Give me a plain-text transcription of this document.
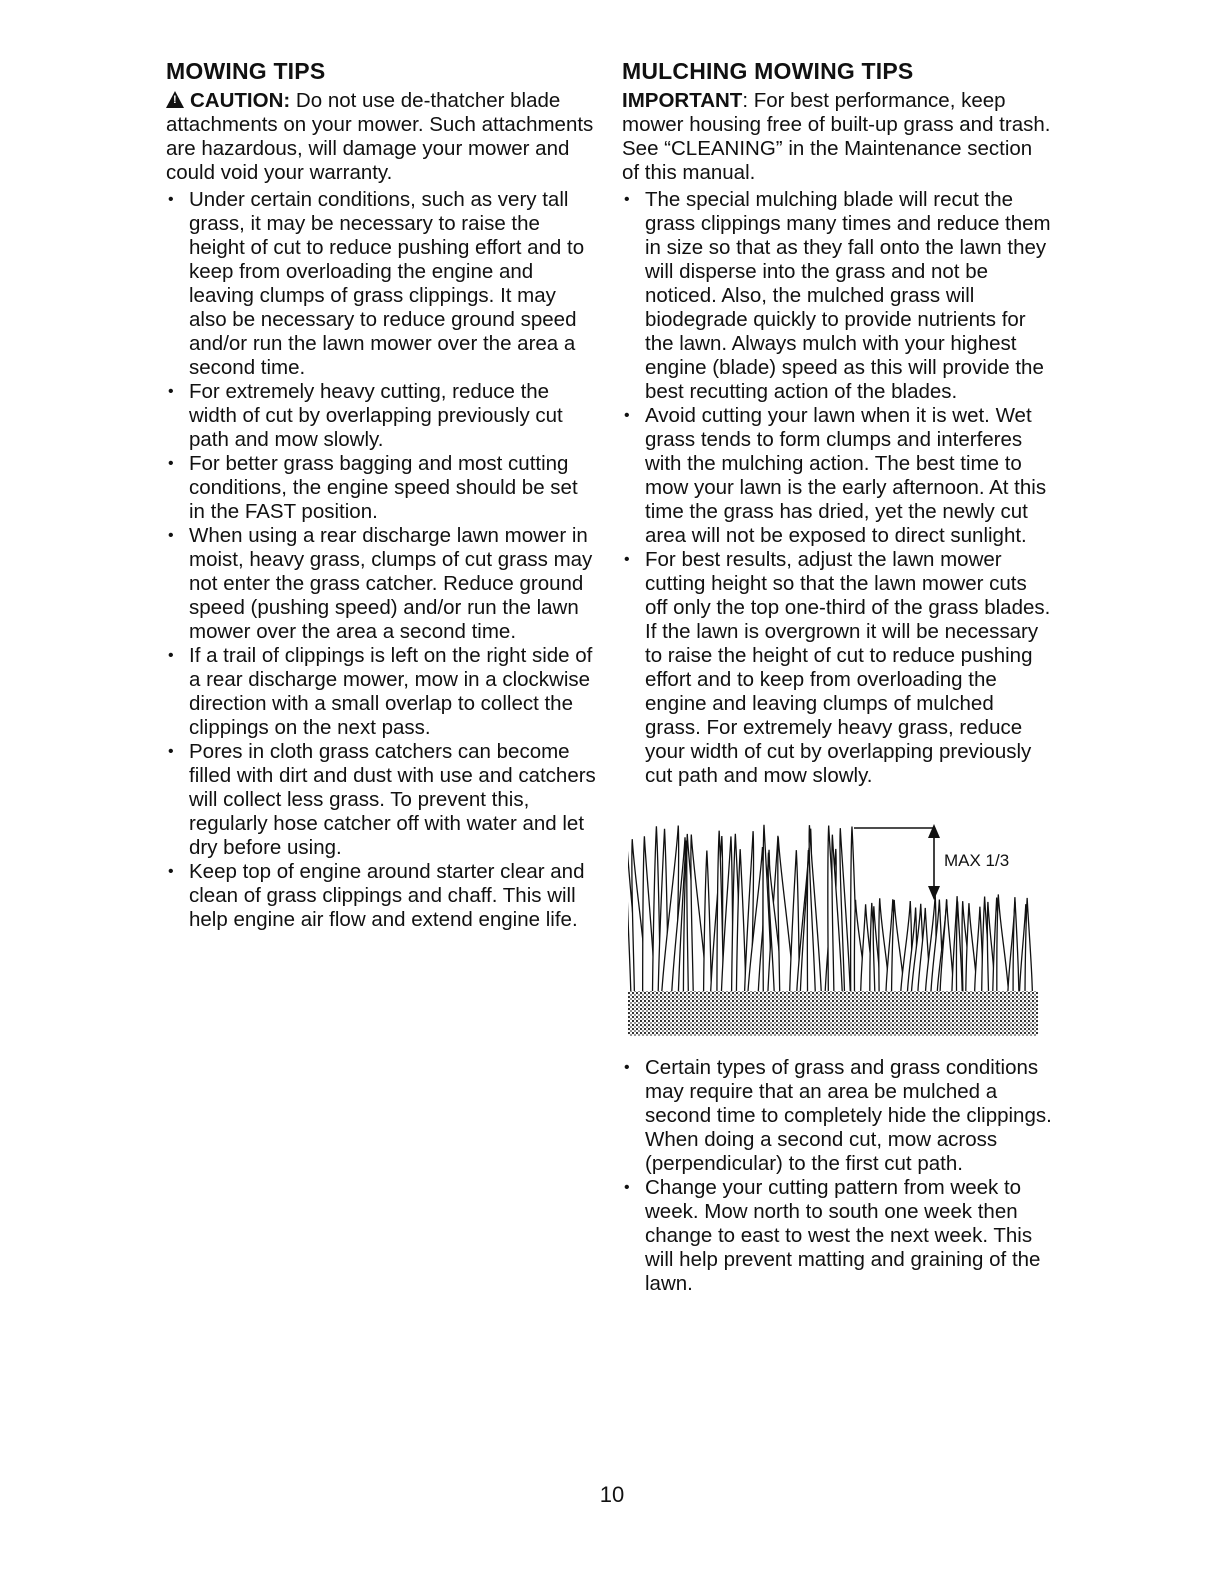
MOWING TIPS

!CAUTION: Do not use de-thatcher blade attachments on your mower. Such attachments are hazardous, will damage your mower and could void your warranty.

• Under certain conditions, such as very tall grass, it may be necessary to raise the height of cut to reduce pushing effort and to keep from overloading the engine and leaving clumps of grass clippings. It may also be necessary to reduce ground speed and/or run the lawn mower over the area a second time.
• For extremely heavy cutting, reduce the width of cut by overlapping previously cut path and mow slowly.
• For better grass bagging and most cutting conditions, the engine speed should be set in the FAST position.
• When using a rear discharge lawn mower in moist, heavy grass, clumps of cut grass may not enter the grass catcher. Reduce ground speed (pushing speed) and/or run the lawn mower over the area a second time.
• If a trail of clippings is left on the right side of a rear discharge mower, mow in a clockwise direction with a small overlap to collect the clippings on the next pass.
• Pores in cloth grass catchers can become filled with dirt and dust with use and catchers will collect less grass. To prevent this, regularly hose catcher off with water and let dry before using.
• Keep top of engine around starter clear and clean of grass clippings and chaff. This will help engine air flow and extend engine life.
MULCHING MOWING TIPS

IMPORTANT: For best performance, keep mower housing free of built-up grass and trash. See “CLEANING” in the Maintenance section of this manual.

• The special mulching blade will recut the grass clippings many times and reduce them in size so that as they fall onto the lawn they will disperse into the grass and not be noticed. Also, the mulched grass will biodegrade quickly to provide nutrients for the lawn. Always mulch with your highest engine (blade) speed as this will provide the best recutting action of the blades.
• Avoid cutting your lawn when it is wet. Wet grass tends to form clumps and interferes with the mulching action. The best time to mow your lawn is the early afternoon. At this time the grass has dried, yet the newly cut area will not be exposed to direct sunlight.
• For best results, adjust the lawn mower cutting height so that the lawn mower cuts off only the top one-third of the grass blades. If the lawn is overgrown it will be necessary to raise the height of cut to reduce pushing effort and to keep from overloading the engine and leaving clumps of mulched grass. For extremely heavy grass, reduce your width of cut by overlapping previously cut path and mow slowly.
MAX 1/3
• Certain types of grass and grass conditions may require that an area be mulched a second time to completely hide the clippings. When doing a second cut, mow across (perpendicular) to the first cut path.
• Change your cutting pattern from week to week. Mow north to south one week then change to east to west the next week. This will help prevent matting and graining of the lawn.
10
